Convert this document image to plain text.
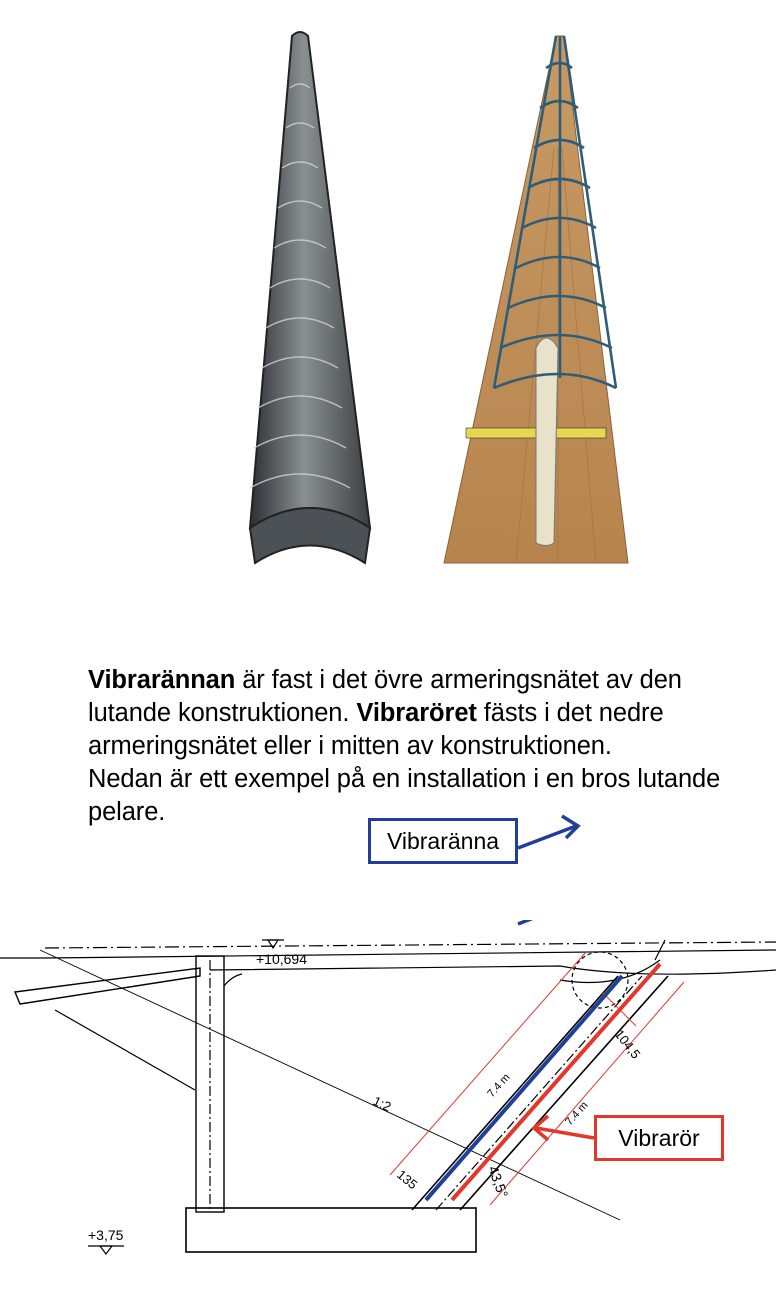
Vibrarännan är fast i det övre armeringsnätet av den lutande konstruktionen. Vibraröret fästs i det nedre armeringsnätet eller i mitten av konstruktionen.

Nedan är ett exempel på en installation i en bros lutande pelare.

+10,694
+3,75
1:2
7.4 m
7.4 m
104,5
135	43,5°
Vibraränna
Vibrarör
